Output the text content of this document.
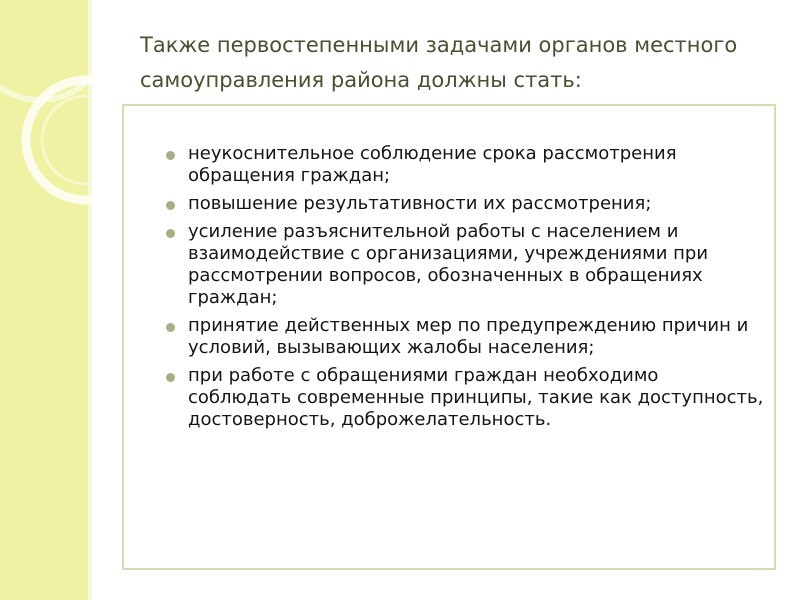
Также первостепенными задачами органов местного самоуправления района должны стать:
неукоснительное соблюдение срока рассмотрения обращения граждан;
повышение результативности их рассмотрения;
усиление разъяснительной работы с населением и взаимодействие с организациями, учреждениями при рассмотрении вопросов, обозначенных в обращениях граждан;
принятие действенных мер по предупреждению причин и условий, вызывающих жалобы населения;
при работе с обращениями граждан необходимо соблюдать современные принципы, такие как доступность, достоверность, доброжелательность.
